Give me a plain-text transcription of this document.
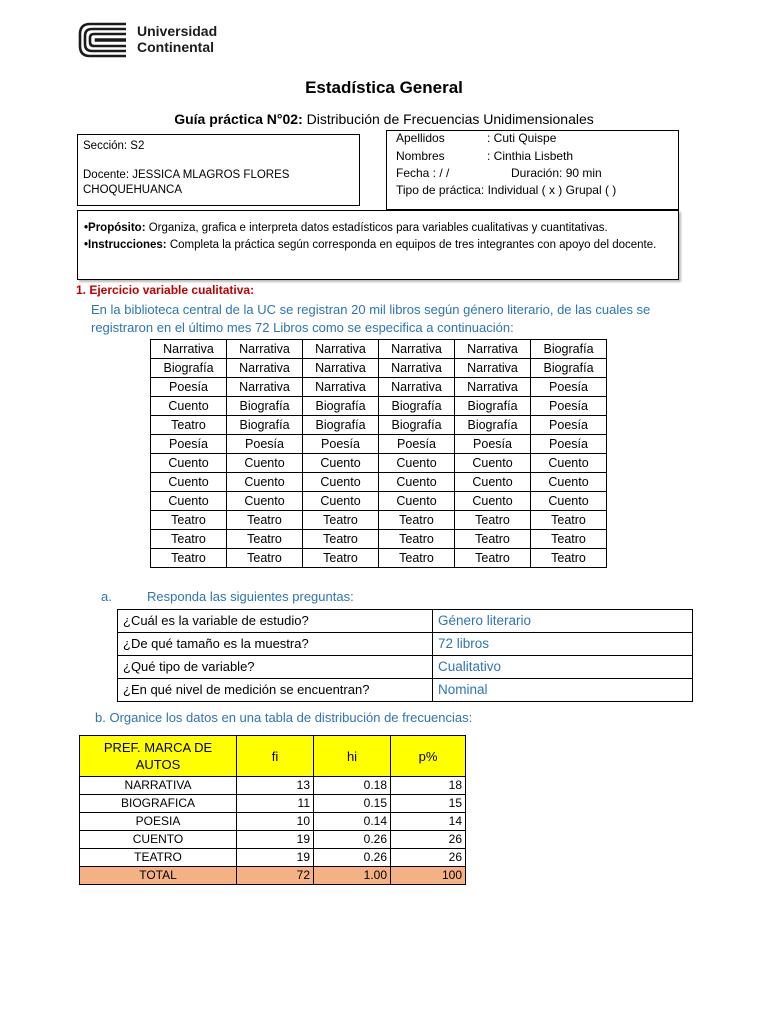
Universidad
Continental
Estadística General
Guía práctica N°02: Distribución de Frecuencias Unidimensionales
Sección: S2
Docente: JESSICA MLAGROS FLORES CHOQUEHUANCA
Apellidos	: Cuti Quispe
Nombres	: Cinthia Lisbeth
Fecha : / /	Duración: 90 min
Tipo de práctica: Individual ( x ) Grupal ( )
•Propósito: Organiza, grafica e interpreta datos estadísticos para variables cualitativas y cuantitativas.
•Instrucciones: Completa la práctica según corresponda en equipos de tres integrantes con apoyo del docente.
1. Ejercicio variable cualitativa:
En la biblioteca central de la UC se registran 20 mil libros según género literario, de las cuales se registraron en el último mes 72 Libros como se especifica a continuación:
Narrativa	Narrativa	Narrativa	Narrativa	Narrativa	Biografía
Biografía	Narrativa	Narrativa	Narrativa	Narrativa	Biografía
Poesía	Narrativa	Narrativa	Narrativa	Narrativa	Poesía
Cuento	Biografía	Biografía	Biografía	Biografía	Poesía
Teatro	Biografía	Biografía	Biografía	Biografía	Poesía
Poesía	Poesía	Poesía	Poesía	Poesía	Poesía
Cuento	Cuento	Cuento	Cuento	Cuento	Cuento
Cuento	Cuento	Cuento	Cuento	Cuento	Cuento
Cuento	Cuento	Cuento	Cuento	Cuento	Cuento
Teatro	Teatro	Teatro	Teatro	Teatro	Teatro
Teatro	Teatro	Teatro	Teatro	Teatro	Teatro
Teatro	Teatro	Teatro	Teatro	Teatro	Teatro
a.	Responda las siguientes preguntas:
¿Cuál es la variable de estudio?	Género literario
¿De qué tamaño es la muestra?	72 libros
¿Qué tipo de variable?	Cualitativo
¿En qué nivel de medición se encuentran?	Nominal
b. Organice los datos en una tabla de distribución de frecuencias:
PREF. MARCA DE AUTOS	fi	hi	p%
NARRATIVA	13	0.18	18
BIOGRAFICA	11	0.15	15
POESIA	10	0.14	14
CUENTO	19	0.26	26
TEATRO	19	0.26	26
TOTAL	72	1.00	100
